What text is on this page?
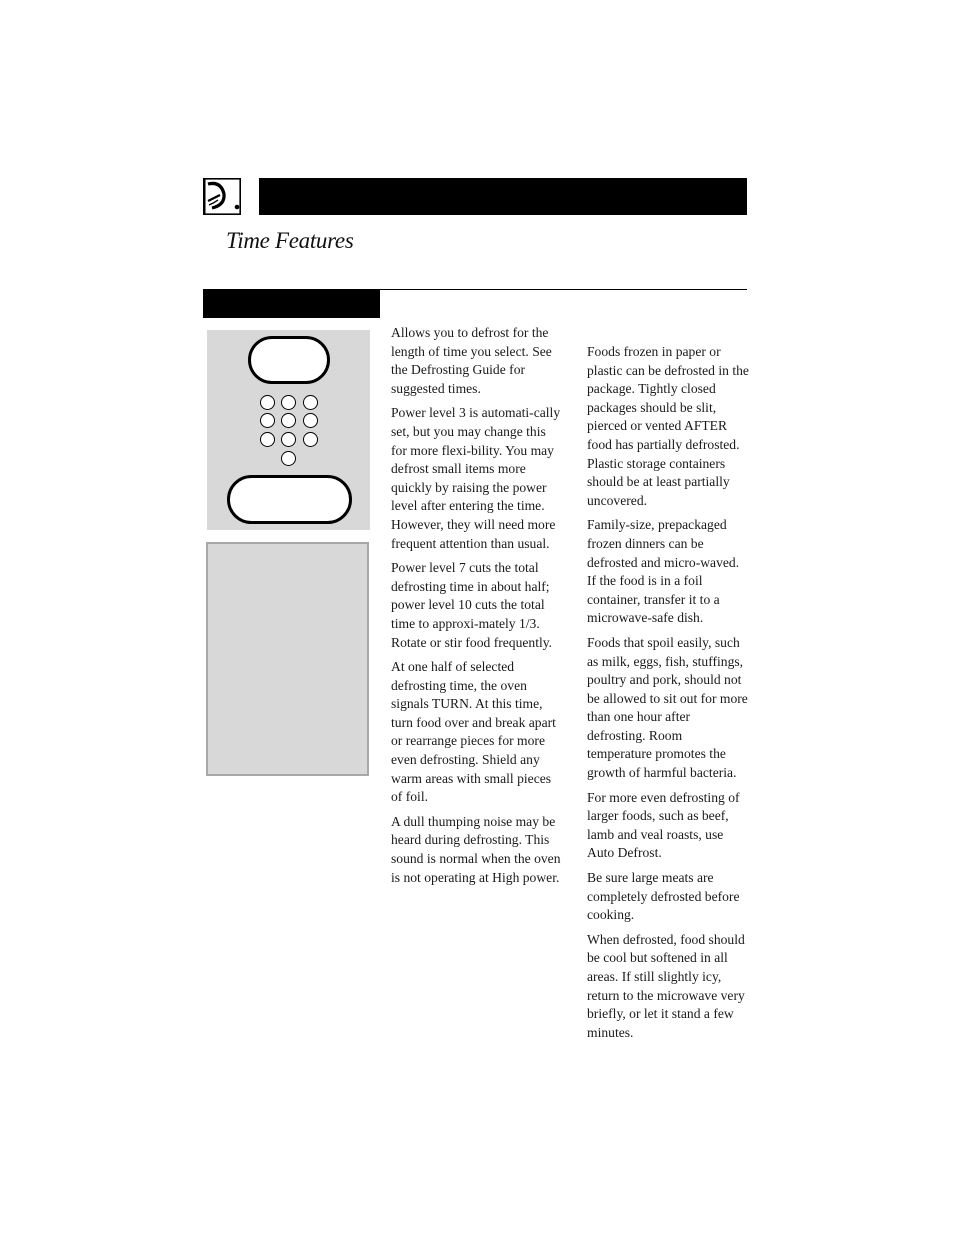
Time Features

Allows you to defrost for the length of time you select. See the Defrosting Guide for suggested times.

Power level 3 is automati-cally set, but you may change this for more flexi-bility. You may defrost small items more quickly by raising the power level after entering the time. However, they will need more frequent attention than usual.

Power level 7 cuts the total defrosting time in about half; power level 10 cuts the total time to approxi-mately 1/3. Rotate or stir food frequently.

At one half of selected defrosting time, the oven signals TURN. At this time, turn food over and break apart or rearrange pieces for more even defrosting. Shield any warm areas with small pieces of foil.

A dull thumping noise may be heard during defrosting. This sound is normal when the oven is not operating at High power.

Foods frozen in paper or plastic can be defrosted in the package. Tightly closed packages should be slit, pierced or vented AFTER food has partially defrosted. Plastic storage containers should be at least partially uncovered.

Family-size, prepackaged frozen dinners can be defrosted and micro-waved. If the food is in a foil container, transfer it to a microwave-safe dish.

Foods that spoil easily, such as milk, eggs, fish, stuffings, poultry and pork, should not be allowed to sit out for more than one hour after defrosting. Room temperature promotes the growth of harmful bacteria.

For more even defrosting of larger foods, such as beef, lamb and veal roasts, use Auto Defrost.

Be sure large meats are completely defrosted before cooking.

When defrosted, food should be cool but softened in all areas. If still slightly icy, return to the microwave very briefly, or let it stand a few minutes.
